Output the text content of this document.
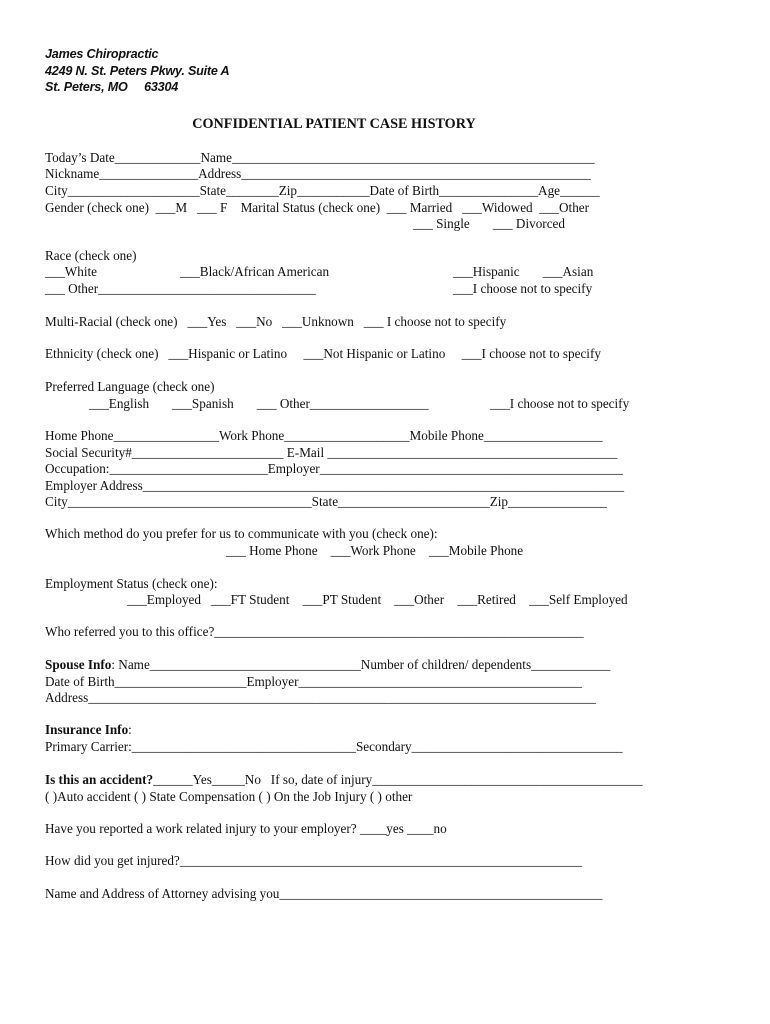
James Chiropractic
4249 N. St. Peters Pkwy. Suite A
St. Peters, MO     63304
CONFIDENTIAL PATIENT CASE HISTORY
Today’s Date_____________Name_______________________________________________________
Nickname_______________Address_____________________________________________________
City____________________State________Zip___________Date of Birth_______________Age______
Gender (check one)  ___M   ___ F    Marital Status (check one)  ___ Married   ___Widowed  ___Other
___ Single       ___ Divorced
Race (check one)
___White	___Black/African American	___Hispanic       ___Asian
___ Other_________________________________	___I choose not to specify
Multi-Racial (check one)   ___Yes   ___No   ___Unknown   ___ I choose not to specify
Ethnicity (check one)   ___Hispanic or Latino     ___Not Hispanic or Latino     ___I choose not to specify
Preferred Language (check one)
___English       ___Spanish       ___ Other__________________	___I choose not to specify
Home Phone________________Work Phone___________________Mobile Phone__________________
Social Security#_______________________ E-Mail ____________________________________________
Occupation:________________________Employer______________________________________________
Employer Address_________________________________________________________________________
City_____________________________________State_______________________Zip_______________
Which method do you prefer for us to communicate with you (check one):
___ Home Phone    ___Work Phone    ___Mobile Phone
Employment Status (check one):
___Employed   ___FT Student    ___PT Student    ___Other    ___Retired    ___Self Employed
Who referred you to this office?________________________________________________________
Spouse Info: Name________________________________Number of children/ dependents____________
Date of Birth____________________Employer___________________________________________
Address_____________________________________________________________________________
Insurance Info:
Primary Carrier:__________________________________Secondary________________________________
Is this an accident?______Yes_____No   If so, date of injury_________________________________________
( )Auto accident ( ) State Compensation ( ) On the Job Injury ( ) other
Have you reported a work related injury to your employer? ____yes ____no
How did you get injured?_____________________________________________________________
Name and Address of Attorney advising you_________________________________________________
